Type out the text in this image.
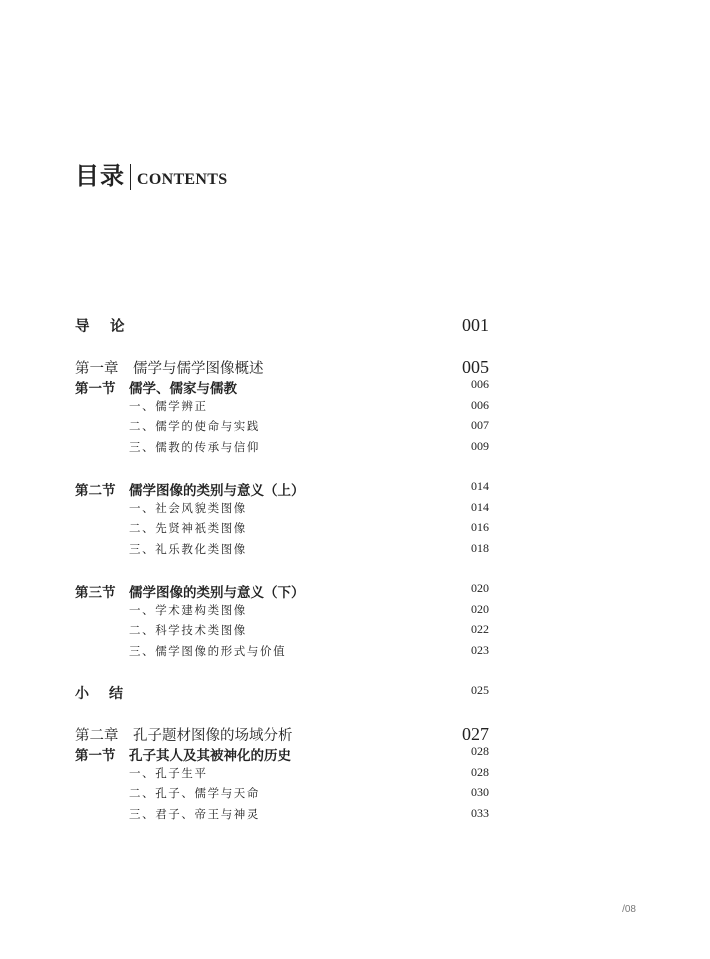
目录 CONTENTS
导　论	001
第一章　儒学与儒学图像概述	005
第一节　儒学、儒家与儒教	006
一、儒学辨正	006
二、儒学的使命与实践	007
三、儒教的传承与信仰	009
第二节　儒学图像的类别与意义（上）	014
一、社会风貌类图像	014
二、先贤神祇类图像	016
三、礼乐教化类图像	018
第三节　儒学图像的类别与意义（下）	020
一、学术建构类图像	020
二、科学技术类图像	022
三、儒学图像的形式与价值	023
小　结	025
第二章　孔子题材图像的场域分析	027
第一节　孔子其人及其被神化的历史	028
一、孔子生平	028
二、孔子、儒学与天命	030
三、君子、帝王与神灵	033
/08
